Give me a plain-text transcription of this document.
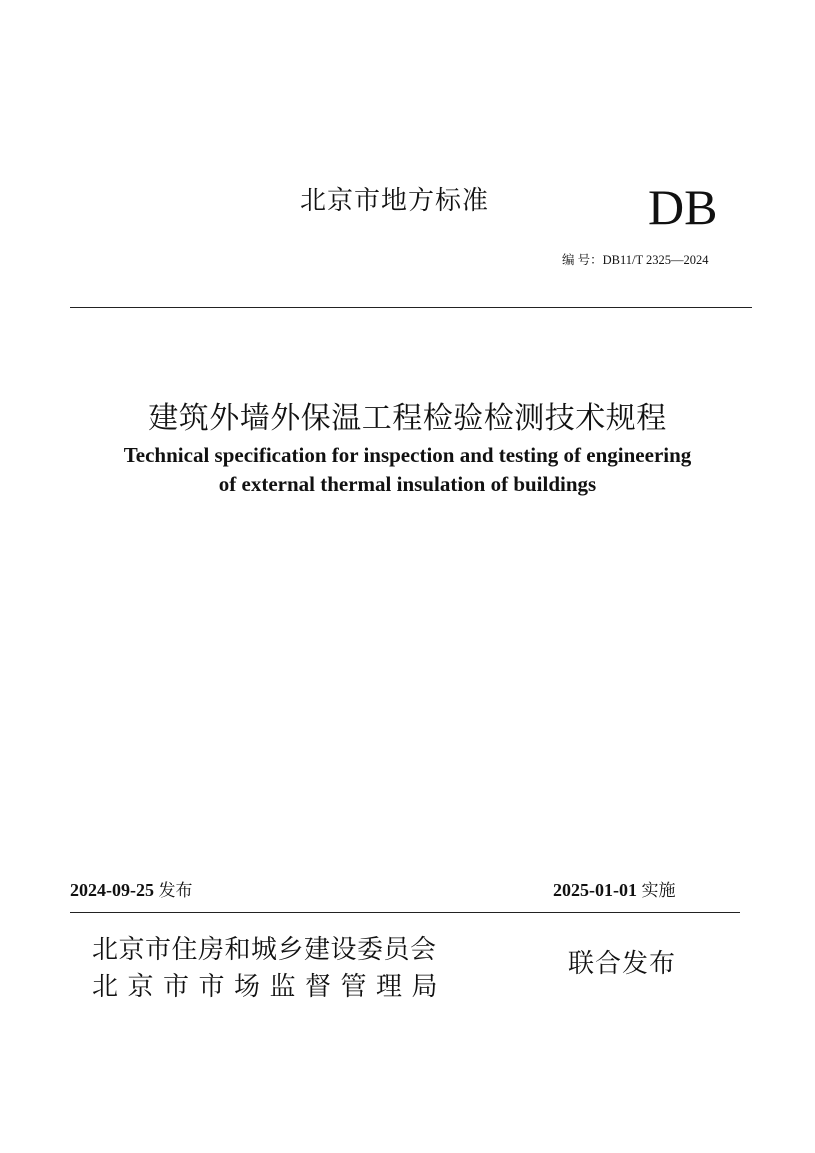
北京市地方标准	DB
编 号：DB11/T 2325—2024
建筑外墙外保温工程检验检测技术规程
Technical specification for inspection and testing of engineering
of external thermal insulation of buildings
2024-09-25 发布	2025-01-01 实施
北京市住房和城乡建设委员会
北京市市场监督管理局
联合发布
